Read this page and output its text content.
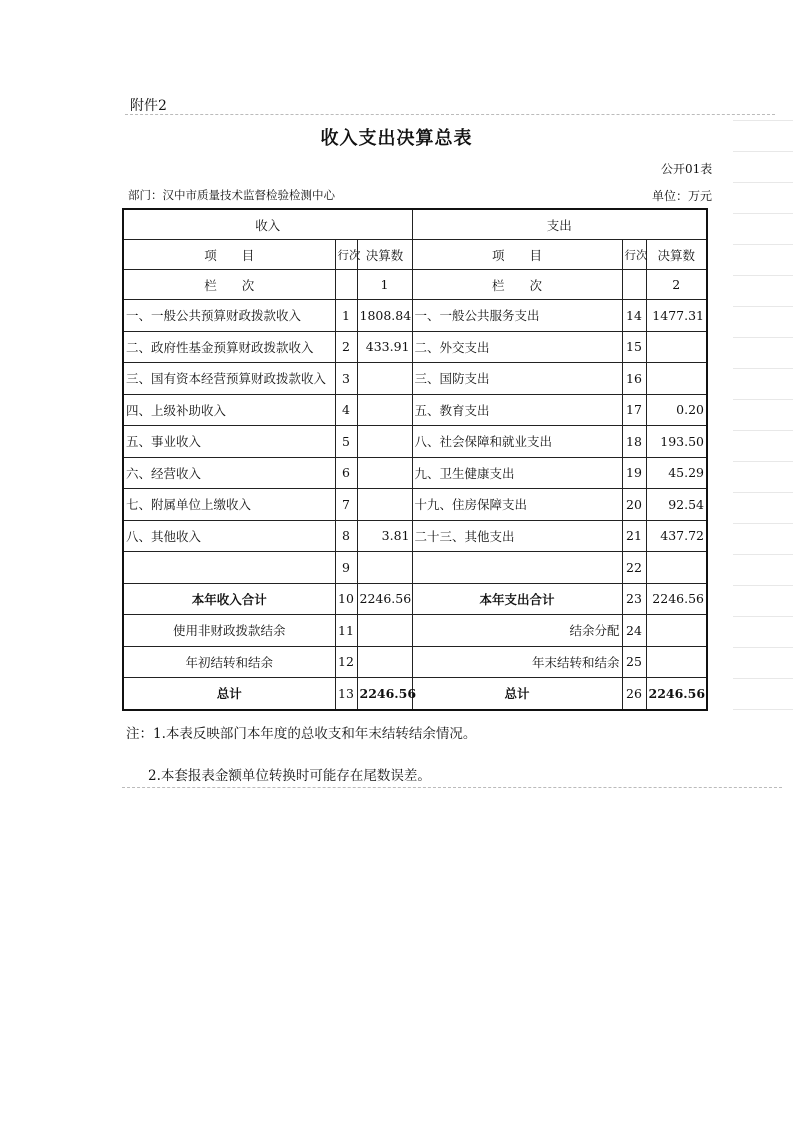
附件2
收入支出决算总表
公开01表
部门：汉中市质量技术监督检验检测中心	单位：万元
收入			支出		
项　　目	行次	决算数	项　　目	行次	决算数
栏　　次		1	栏　　次		2
一、一般公共预算财政拨款收入	1	1808.84	一、一般公共服务支出	14	1477.31
二、政府性基金预算财政拨款收入	2	433.91	二、外交支出	15	
三、国有资本经营预算财政拨款收入	3		三、国防支出	16	
四、上级补助收入	4		五、教育支出	17	0.20
五、事业收入	5		八、社会保障和就业支出	18	193.50
六、经营收入	6		九、卫生健康支出	19	45.29
七、附属单位上缴收入	7		十九、住房保障支出	20	92.54
八、其他收入	8	3.81	二十三、其他支出	21	437.72
	9			22	
本年收入合计	10	2246.56	本年支出合计	23	2246.56
使用非财政拨款结余	11		结余分配	24	
年初结转和结余	12		年末结转和结余	25	
总计	13	2246.56	总计	26	2246.56
注：1.本表反映部门本年度的总收支和年末结转结余情况。
2.本套报表金额单位转换时可能存在尾数误差。
